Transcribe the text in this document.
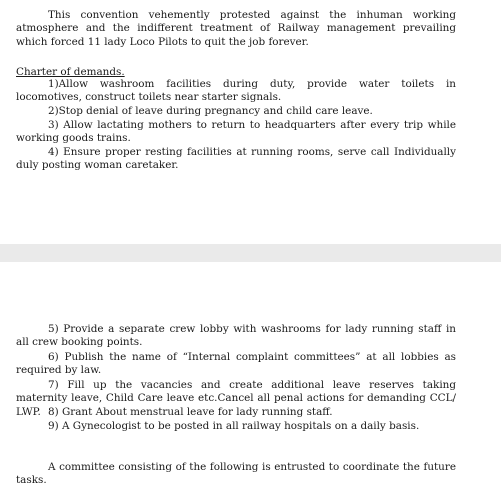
This convention vehemently protested against the inhuman working atmosphere and the indifferent treatment of Railway management prevailing which forced 11 lady Loco Pilots to quit the job forever.

Charter of demands.

1)Allow washroom facilities during duty, provide water toilets in locomotives, construct toilets near starter signals.

2)Stop denial of leave during pregnancy and child care leave.

3) Allow lactating mothers to return to headquarters after every trip while working goods trains.

4) Ensure proper resting facilities at running rooms, serve call Individually duly posting woman caretaker.

5) Provide a separate crew lobby with washrooms for lady running staff in all crew booking points.

6) Publish the name of “Internal complaint committees” at all lobbies as required by law.

7) Fill up the vacancies and create additional leave reserves taking maternity leave, Child Care leave etc.Cancel all penal actions for demanding CCL/ LWP. 8) Grant About menstrual leave for lady running staff.

9) A Gynecologist to be posted in all railway hospitals on a daily basis.

A committee consisting of the following is entrusted to coordinate the future tasks.
